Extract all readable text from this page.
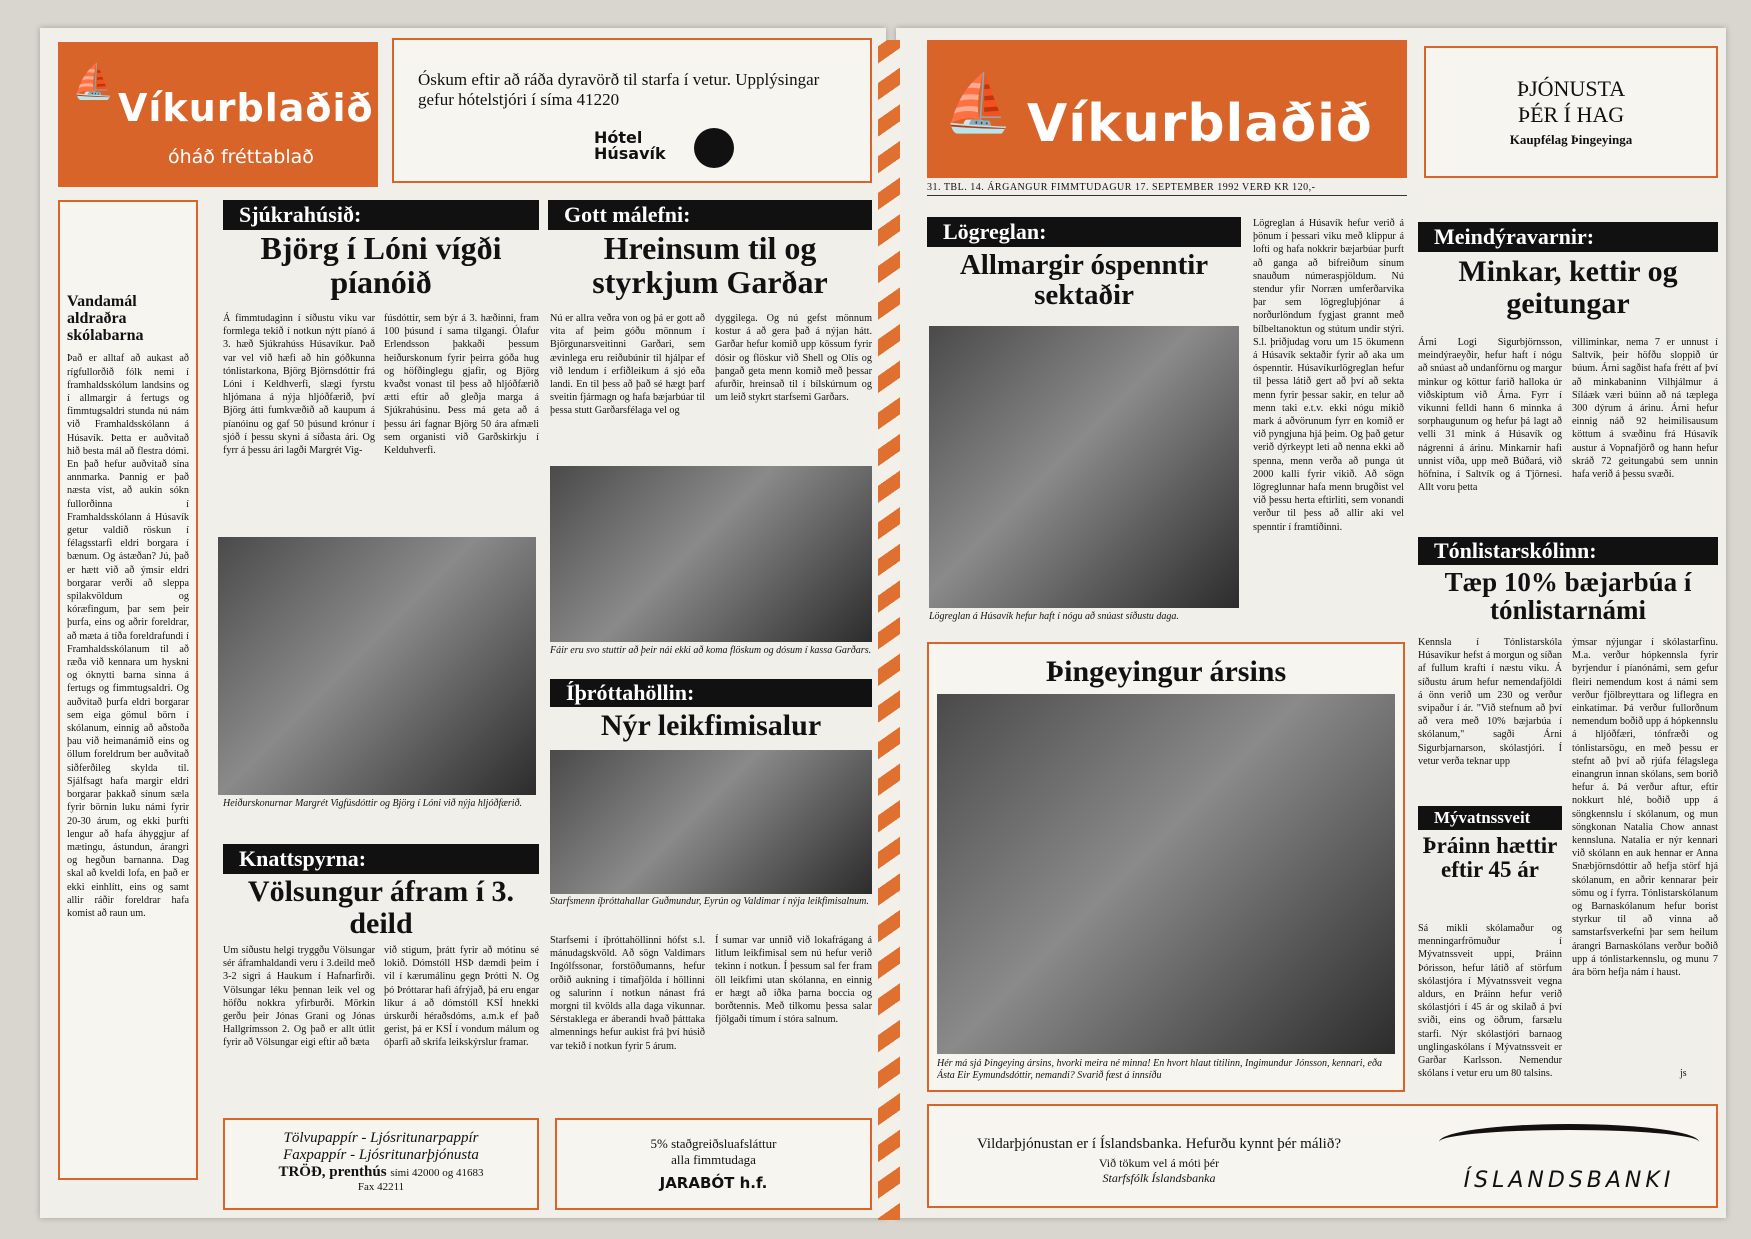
⛵
Víkurblaðið
óháð fréttablað
Óskum eftir að ráða dyravörð til starfa í vetur. Upplýsingar gefur hótelstjóri í síma 41220
Hótel Húsavík
Vandamál aldraðra skólabarna
Það er alltaf að aukast að rígfullorðið fólk nemi í framhaldsskólum landsins og í allmargir á fertugs og fimmtugsaldri stunda nú nám við Framhaldsskólann á Húsavík. Þetta er auðvitað hið besta mál að flestra dómi. En það hefur auðvitað sína annmarka. Þannig er það næsta víst, að aukin sókn fullorðinna í Framhaldsskólann á Húsavík getur valdið röskun í félagsstarfi eldri borgara í bænum. Og ástæðan? Jú, það er hætt við að ýmsir eldri borgarar verði að sleppa spilakvöldum og kóræfingum, þar sem þeir þurfa, eins og aðrir foreldrar, að mæta á tíða foreldrafundi í Framhaldsskólanum til að ræða við kennara um hyskni og óknytti barna sinna á fertugs og fimmtugsaldri. Og auðvitað þurfa eldri borgarar sem eiga gömul börn í skólanum, einnig að aðstoða þau við heimanámið eins og öllum foreldrum ber auðvitað siðferðileg skylda til. Sjálfsagt hafa margir eldri borgarar þakkað sínum sæla fyrir börnin luku námi fyrir 20-30 árum, og ekki þurfti lengur að hafa áhyggjur af mætingu, ástundun, árangri og hegðun barnanna. Dag skal að kveldi lofa, en það er ekki einhlítt, eins og samt allir ráðir foreldrar hafa komist að raun um.
Sjúkrahúsið:
Björg í Lóni vígði píanóið
Á fimmtudaginn í síðustu viku var formlega tekið í notkun nýtt píanó á 3. hæð Sjúkrahúss Húsavíkur. Það var vel við hæfi að hin góðkunna tónlistarkona, Björg Björnsdóttir frá Lóni í Keldhverfi, slægi fyrstu hljómana á nýja hljóðfærið, því Björg átti fumkvæðið að kaupum á píanóinu og gaf 50 þúsund krónur í sjóð í þessu skyni á síðasta ári. Og fyrr á þessu ári lagði Margrét Vig-
fúsdóttir, sem býr á 3. hæðinni, fram 100 þúsund í sama tilgangi. Ólafur Erlendsson þakkaði þessum heiðurskonum fyrir þeirra góða hug og höfðinglegu gjafir, og Björg kvaðst vonast til þess að hljóðfærið ætti eftir að gleðja marga á Sjúkrahúsinu. Þess má geta að á þessu ári fagnar Björg 50 ára afmæli sem organisti við Garðskirkju í Kelduhverfi.
Heiðurskonurnar Margrét Vigfúsdóttir og Björg í Lóni við nýja hljóðfærið.
Knattspyrna:
Völsungur áfram í 3. deild
Um síðustu helgi tryggðu Völsungar sér áframhaldandi veru í 3.deild með 3-2 sigri á Haukum í Hafnarfirði. Völsungar léku þennan leik vel og höfðu nokkra yfirburði. Mörkin gerðu þeir Jónas Grani og Jónas Hallgrímsson 2. Og það er allt útlit fyrir að Völsungar eigi eftir að bæta
við stigum, þrátt fyrir að mótinu sé lokið. Dómstóll HSÞ dæmdi þeim í vil í kærumálinu gegn Þrótti N. Og þó Þróttarar hafi áfrýjað, þá eru engar líkur á að dómstóll KSÍ hnekki úrskurði héraðsdóms, a.m.k ef það gerist, þá er KSÍ í vondum málum og óþarfi að skrifa leikskýrslur framar.
Gott málefni:
Hreinsum til og styrkjum Garðar
Nú er allra veðra von og þá er gott að vita af þeim góðu mönnum í Björgunarsveitinni Garðari, sem ævinlega eru reiðubúnir til hjálpar ef við lendum í erfiðleikum á sjó eða landi. En til þess að það sé hægt þarf sveitin fjármagn og hafa bæjarbúar til þessa stutt Garðarsfélaga vel og
dyggilega. Og nú gefst mönnum kostur á að gera það á nýjan hátt. Garðar hefur komið upp kössum fyrir dósir og flöskur við Shell og Olís og þangað geta menn komið með þessar afurðir, hreinsað til í bílskúrnum og um leið stykrt starfsemi Garðars.
Fáir eru svo stuttir að þeir nái ekki að koma flöskum og dósum í kassa Garðars.
Íþróttahöllin:
Nýr leikfimisalur
Starfsmenn íþróttahallar Guðmundur, Eyrún og Valdimar í nýja leikfimisalnum.
Starfsemi í íþróttahöllinni hófst s.l. mánudagskvöld. Að sögn Valdimars Ingólfssonar, forstöðumanns, hefur orðið aukning í tímafjölda í höllinni og salurinn í notkun nánast frá morgni til kvölds alla daga vikunnar. Sérstaklega er áberandi hvað þátttaka almennings hefur aukist frá því húsið var tekið í notkun fyrir 5 árum.
Í sumar var unnið við lokafrágang á litlum leikfimisal sem nú hefur verið tekinn í notkun. Í þessum sal fer fram öll leikfimi utan skólanna, en einnig er hægt að iðka þarna boccia og borðtennis. Með tilkomu þessa salar fjölgaði tímum í stóra salnum.
Tölvupappír - Ljósritunarpappír
Faxpappír - Ljósritunarþjónusta
TRÖÐ, prenthús sími 42000 og 41683
Fax 42211
5% staðgreiðsluafsláttur
alla fimmtudaga
JARABÓT h.f.
⛵ Víkurblaðið
31. TBL. 14. ÁRGANGUR FIMMTUDAGUR 17. SEPTEMBER 1992 VERÐ KR 120,-
ÞJÓNUSTA
ÞÉR Í HAG
Kaupfélag Þingeyinga
Lögreglan:
Allmargir óspenntir sektaðir
Lögreglan á Húsavík hefur haft í nógu að snúast síðustu daga.
Lögreglan á Húsavík hefur verið á þönum í þessari viku með klippur á lofti og hafa nokkrir bæjarbúar þurft að ganga að bifreiðum sínum snauðum númeraspjöldum. Nú stendur yfir Norræn umferðarvika þar sem lögregluþjónar á norðurlöndum fygjast grannt með bílbeltanoktun og stútum undir stýri. S.l. þriðjudag voru um 15 ökumenn á Húsavík sektaðir fyrir að aka um óspenntir. Húsavíkurlögreglan hefur til þessa látið gert að því að sekta menn fyrir þessar sakir, en telur að menn taki e.t.v. ekki nógu mikið mark á aðvörunum fyrr en komið er við pyngjuna hjá þeim. Og það getur verið dýrkeypt leti að nenna ekki að spenna, menn verða að punga út 2000 kalli fyrir vikið. Að sögn lögreglunnar hafa menn brugðist vel við þessu herta eftirliti, sem vonandi verður til þess að allir aki vel spenntir í framtíðinni.
Þingeyingur ársins
Hér má sjá Þingeying ársins, hvorki meira né minna! En hvort hlaut titilinn, Ingimundur Jónsson, kennari, eða Ásta Eir Eymundsdóttir, nemandi? Svarið fæst á innsíðu
Meindýravarnir:
Minkar, kettir og geitungar
Árni Logi Sigurbjörnsson, meindýraeyðir, hefur haft í nógu að snúast að undanförnu og margur minkur og köttur farið halloka úr viðskiptum við Árna. Fyrr í vikunni felldi hann 6 minnka á sorphaugunum og hefur þá lagt að velli 31 mink á Húsavík og nágrenni á árinu. Minkarnir hafi unnist víða, upp með Búðará, við höfnina, í Saltvík og á Tjörnesi. Allt voru þetta
villiminkar, nema 7 er unnust í Saltvík, þeir höfðu sloppið úr búum. Árni sagðist hafa frétt af því að minkabaninn Vilhjálmur á Síláæk væri búinn að ná tæplega 300 dýrum á árinu. Árni hefur einnig náð 92 heimilisausum köttum á svæðinu frá Húsavík austur á Vopnafjörð og hann hefur skráð 72 geitungabú sem unnin hafa verið á þessu svæði.
Tónlistarskólinn:
Tæp 10% bæjarbúa í tónlistarnámi
Kennsla í Tónlistarskóla Húsavíkur hefst á morgun og síðan af fullum krafti í næstu viku. Á síðustu árum hefur nemendafjöldi á önn verið um 230 og verður svipaður í ár. "Við stefnum að því að vera með 10% bæjarbúa í skólanum," sagði Árni Sigurbjarnarson, skólastjóri. Í vetur verða teknar upp
ýmsar nýjungar í skólastarfinu. M.a. verður hópkennsla fyrir byrjendur í píanónámi, sem gefur fleiri nemendum kost á námi sem verður fjölbreyttara og liflegra en einkatímar. Þá verður fullorðnum nemendum boðið upp á hópkennslu á hljóðfæri, tónfræði og tónlistarsögu, en með þessu er stefnt að því að rjúfa félagslega einangrun innan skólans, sem borið hefur á. Þá verður aftur, eftir nokkurt hlé, boðið upp á söngkennslu í skólanum, og mun söngkonan Natalia Chow annast kennsluna. Natalia er nýr kennari við skólann en auk hennar er Anna Snæbjörnsdóttir að hefja störf hjá skólanum, en aðrir kennarar þeir sömu og í fyrra. Tónlistarskólanum og Barnaskólanum hefur borist styrkur til að vinna að samstarfsverkefni þar sem heilum árangri Barnaskólans verður boðið upp á tónlistarkennslu, og munu 7 ára börn hefja nám í haust.
js
Mývatnssveit
Þráinn hættir eftir 45 ár
Sá mikli skólamaður og menningarfrömuður í Mývatnssveit uppi, Þráinn Þórisson, hefur látið af störfum skólastjóra í Mývatnssveit vegna aldurs, en Þráinn hefur verið skólastjóri í 45 ár og skilað á því sviði, eins og öðrum, farsælu starfi. Nýr skólastjóri barnaog unglingaskólans í Mývatnssveit er Garðar Karlsson. Nemendur skólans í vetur eru um 80 talsins.
Vildarþjónustan er í Íslandsbanka. Hefurðu kynnt þér málið?
Við tökum vel á móti þér
Starfsfólk Íslandsbanka	ÍSLANDSBANKI
